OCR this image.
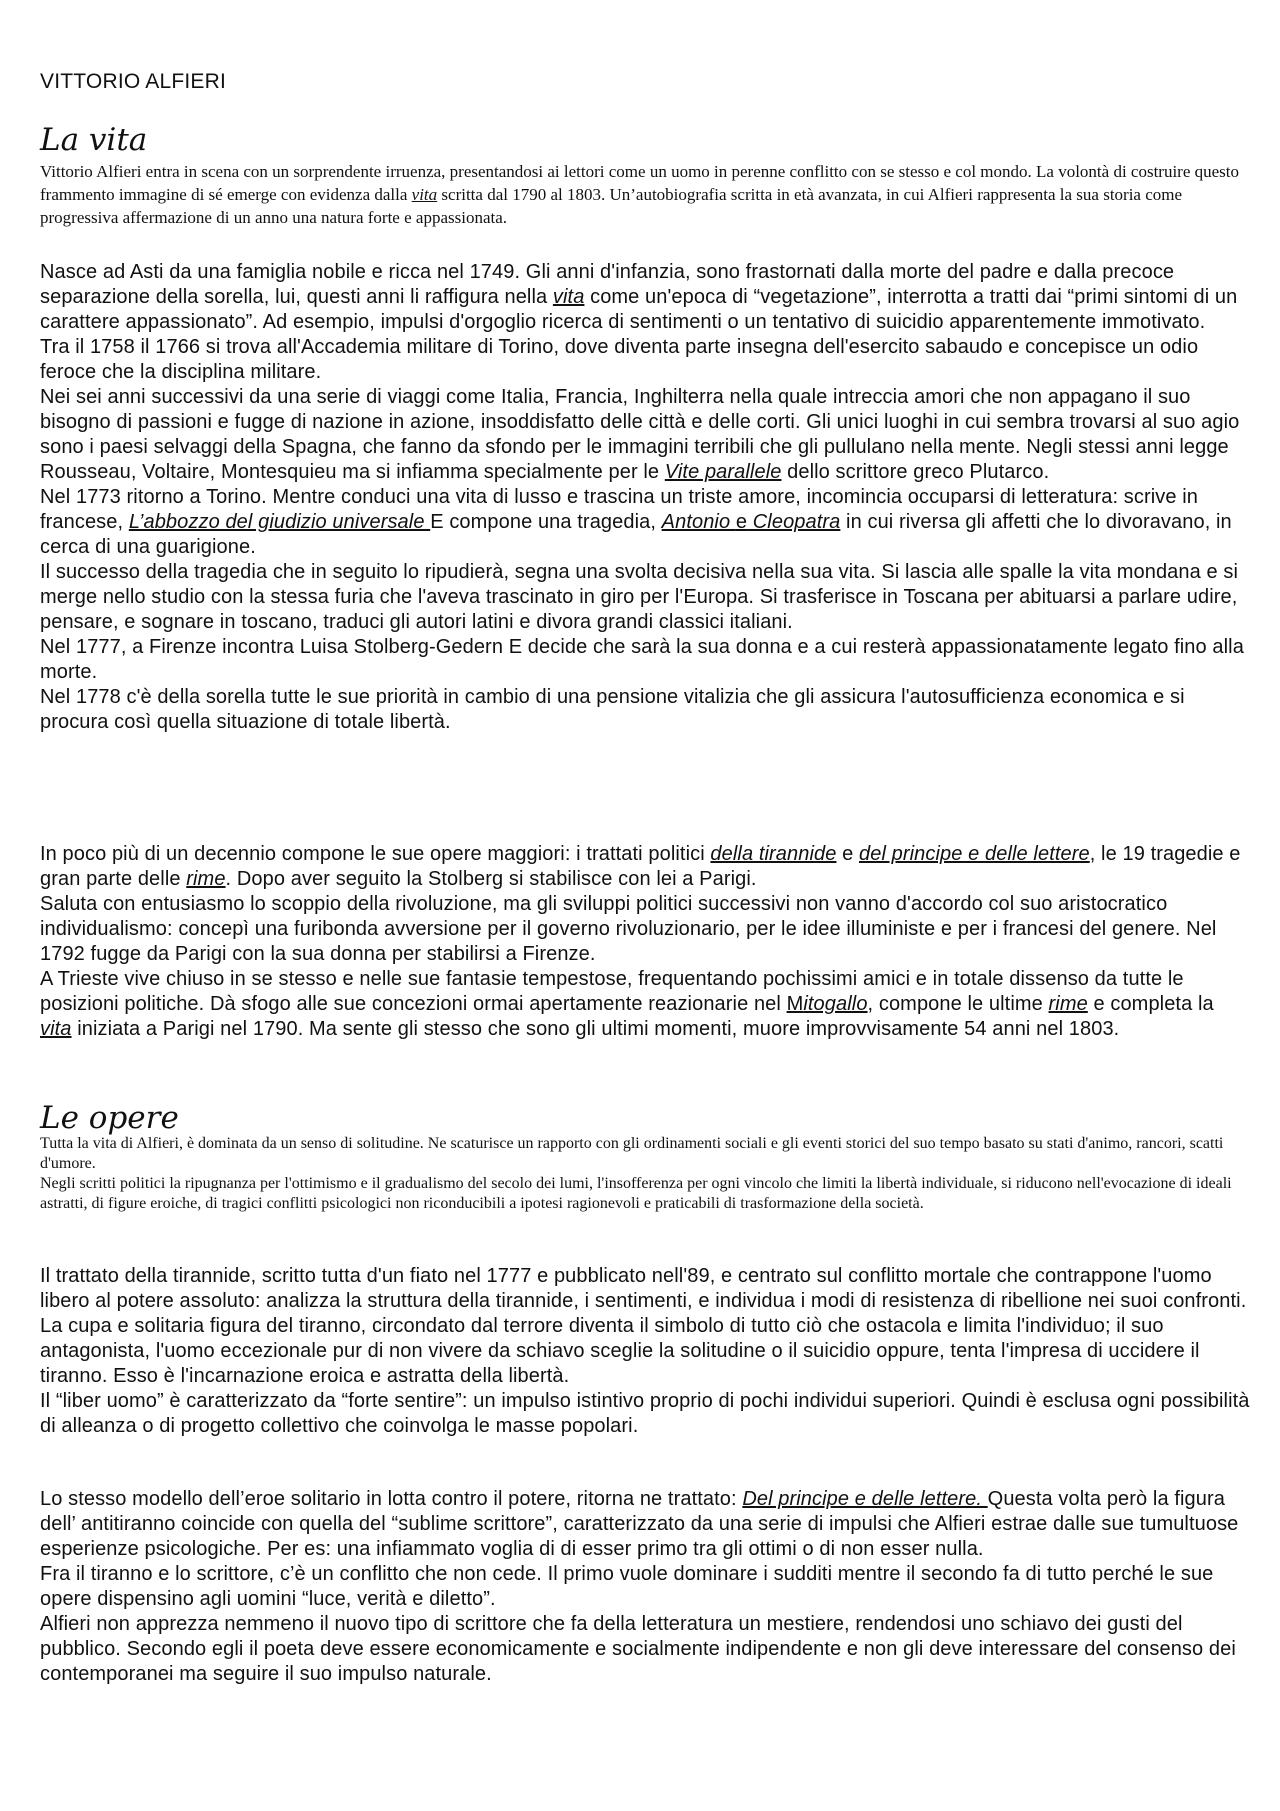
VITTORIO ALFIERI
La vita
Vittorio Alfieri entra in scena con un sorprendente irruenza, presentandosi ai lettori come un uomo in perenne conflitto con se stesso e col mondo. La volontà di costruire questo frammento immagine di sé emerge con evidenza dalla vita scritta dal 1790 al 1803. Un’autobiografia scritta in età avanzata, in cui Alfieri rappresenta la sua storia come progressiva affermazione di un anno una natura forte e appassionata.

Nasce ad Asti da una famiglia nobile e ricca nel 1749. Gli anni d'infanzia, sono frastornati dalla morte del padre e dalla precoce separazione della sorella, lui, questi anni li raffigura nella vita come un'epoca di “vegetazione”, interrotta a tratti dai “primi sintomi di un carattere appassionato”. Ad esempio, impulsi d'orgoglio ricerca di sentimenti o un tentativo di suicidio apparentemente immotivato.

Tra il 1758 il 1766 si trova all'Accademia militare di Torino, dove diventa parte insegna dell'esercito sabaudo e concepisce un odio feroce che la disciplina militare.

Nei sei anni successivi da una serie di viaggi come Italia, Francia, Inghilterra nella quale intreccia amori che non appagano il suo bisogno di passioni e fugge di nazione in azione, insoddisfatto delle città e delle corti. Gli unici luoghi in cui sembra trovarsi al suo agio sono i paesi selvaggi della Spagna, che fanno da sfondo per le immagini terribili che gli pullulano nella mente. Negli stessi anni legge Rousseau, Voltaire, Montesquieu ma si infiamma specialmente per le Vite parallele dello scrittore greco Plutarco.

Nel 1773 ritorno a Torino. Mentre conduci una vita di lusso e trascina un triste amore, incomincia occuparsi di letteratura: scrive in francese, L’abbozzo del giudizio universale E compone una tragedia, Antonio e Cleopatra in cui riversa gli affetti che lo divoravano, in cerca di una guarigione.

Il successo della tragedia che in seguito lo ripudierà, segna una svolta decisiva nella sua vita. Si lascia alle spalle la vita mondana e si merge nello studio con la stessa furia che l'aveva trascinato in giro per l'Europa. Si trasferisce in Toscana per abituarsi a parlare udire, pensare, e sognare in toscano, traduci gli autori latini e divora grandi classici italiani.

Nel 1777, a Firenze incontra Luisa Stolberg-Gedern E decide che sarà la sua donna e a cui resterà appassionatamente legato fino alla morte.

Nel 1778 c'è della sorella tutte le sue priorità in cambio di una pensione vitalizia che gli assicura l'autosufficienza economica e si procura così quella situazione di totale libertà.

In poco più di un decennio compone le sue opere maggiori: i trattati politici della tirannide e del principe e delle lettere, le 19 tragedie e gran parte delle rime. Dopo aver seguito la Stolberg si stabilisce con lei a Parigi.

Saluta con entusiasmo lo scoppio della rivoluzione, ma gli sviluppi politici successivi non vanno d'accordo col suo aristocratico individualismo: concepì una furibonda avversione per il governo rivoluzionario, per le idee illuministe e per i francesi del genere. Nel 1792 fugge da Parigi con la sua donna per stabilirsi a Firenze.

A Trieste vive chiuso in se stesso e nelle sue fantasie tempestose, frequentando pochissimi amici e in totale dissenso da tutte le posizioni politiche. Dà sfogo alle sue concezioni ormai apertamente reazionarie nel Mitogallo, compone le ultime rime e completa la vita iniziata a Parigi nel 1790. Ma sente gli stesso che sono gli ultimi momenti, muore improvvisamente 54 anni nel 1803.

Le opere

Tutta la vita di Alfieri, è dominata da un senso di solitudine. Ne scaturisce un rapporto con gli ordinamenti sociali e gli eventi storici del suo tempo basato su stati d'animo, rancori, scatti d'umore.

Negli scritti politici la ripugnanza per l'ottimismo e il gradualismo del secolo dei lumi, l'insofferenza per ogni vincolo che limiti la libertà individuale, si riducono nell'evocazione di ideali astratti, di figure eroiche, di tragici conflitti psicologici non riconducibili a ipotesi ragionevoli e praticabili di trasformazione della società.

Il trattato della tirannide, scritto tutta d'un fiato nel 1777 e pubblicato nell'89, e centrato sul conflitto mortale che contrappone l'uomo libero al potere assoluto: analizza la struttura della tirannide, i sentimenti, e individua i modi di resistenza di ribellione nei suoi confronti.

La cupa e solitaria figura del tiranno, circondato dal terrore diventa il simbolo di tutto ciò che ostacola e limita l'individuo; il suo antagonista, l'uomo eccezionale pur di non vivere da schiavo sceglie la solitudine o il suicidio oppure, tenta l'impresa di uccidere il tiranno. Esso è l'incarnazione eroica e astratta della libertà.

Il “liber uomo” è caratterizzato da “forte sentire”: un impulso istintivo proprio di pochi individui superiori. Quindi è esclusa ogni possibilità di alleanza o di progetto collettivo che coinvolga le masse popolari.

Lo stesso modello dell’eroe solitario in lotta contro il potere, ritorna ne trattato: Del principe e delle lettere. Questa volta però la figura dell’ antitiranno coincide con quella del “sublime scrittore”, caratterizzato da una serie di impulsi che Alfieri estrae dalle sue tumultuose esperienze psicologiche. Per es: una infiammato voglia di di esser primo tra gli ottimi o di non esser nulla.

Fra il tiranno e lo scrittore, c’è un conflitto che non cede. Il primo vuole dominare i sudditi mentre il secondo fa di tutto perché le sue opere dispensino agli uomini “luce, verità e diletto”.

Alfieri non apprezza nemmeno il nuovo tipo di scrittore che fa della letteratura un mestiere, rendendosi uno schiavo dei gusti del pubblico. Secondo egli il poeta deve essere economicamente e socialmente indipendente e non gli deve interessare del consenso dei contemporanei ma seguire il suo impulso naturale.
